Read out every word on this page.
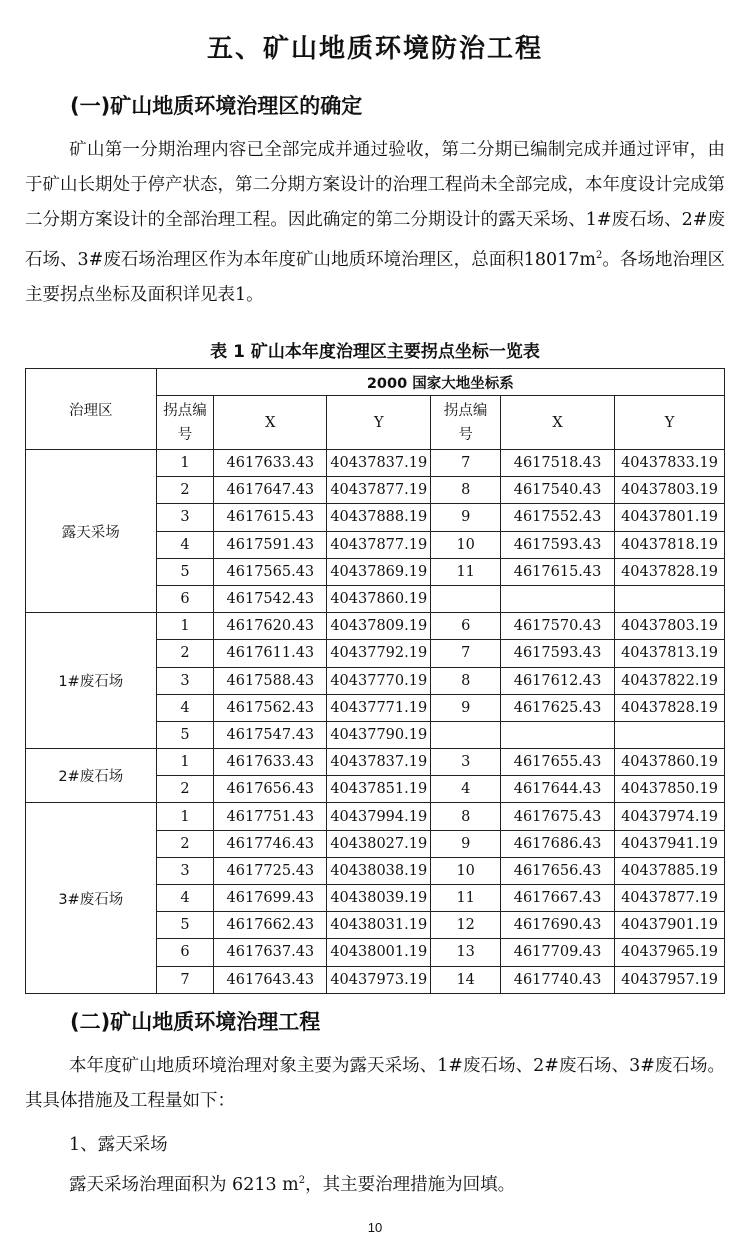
五、矿山地质环境防治工程
(一)矿山地质环境治理区的确定
矿山第一分期治理内容已全部完成并通过验收，第二分期已编制完成并通过评审，由于矿山长期处于停产状态，第二分期方案设计的治理工程尚未全部完成，本年度设计完成第二分期方案设计的全部治理工程。因此确定的第二分期设计的露天采场、1#废石场、2#废石场、3#废石场治理区作为本年度矿山地质环境治理区，总面积$18017m^2$。各场地治理区主要拐点坐标及面积详见表1。
表 1 矿山本年度治理区主要拐点坐标一览表
治理区	2000 国家大地坐标系					
	拐点编号	X	Y	拐点编号	X	Y
露天采场	1	4617633.43	40437837.19	7	4617518.43	40437833.19
	2	4617647.43	40437877.19	8	4617540.43	40437803.19
	3	4617615.43	40437888.19	9	4617552.43	40437801.19
	4	4617591.43	40437877.19	10	4617593.43	40437818.19
	5	4617565.43	40437869.19	11	4617615.43	40437828.19
	6	4617542.43	40437860.19			
1#废石场	1	4617620.43	40437809.19	6	4617570.43	40437803.19
	2	4617611.43	40437792.19	7	4617593.43	40437813.19
	3	4617588.43	40437770.19	8	4617612.43	40437822.19
	4	4617562.43	40437771.19	9	4617625.43	40437828.19
	5	4617547.43	40437790.19			
2#废石场	1	4617633.43	40437837.19	3	4617655.43	40437860.19
	2	4617656.43	40437851.19	4	4617644.43	40437850.19
3#废石场	1	4617751.43	40437994.19	8	4617675.43	40437974.19
	2	4617746.43	40438027.19	9	4617686.43	40437941.19
	3	4617725.43	40438038.19	10	4617656.43	40437885.19
	4	4617699.43	40438039.19	11	4617667.43	40437877.19
	5	4617662.43	40438031.19	12	4617690.43	40437901.19
	6	4617637.43	40438001.19	13	4617709.43	40437965.19
	7	4617643.43	40437973.19	14	4617740.43	40437957.19
(二)矿山地质环境治理工程
本年度矿山地质环境治理对象主要为露天采场、1#废石场、2#废石场、3#废石场。其具体措施及工程量如下：
1、露天采场
露天采场治理面积为 6213 $m^2$，其主要治理措施为回填。
10
